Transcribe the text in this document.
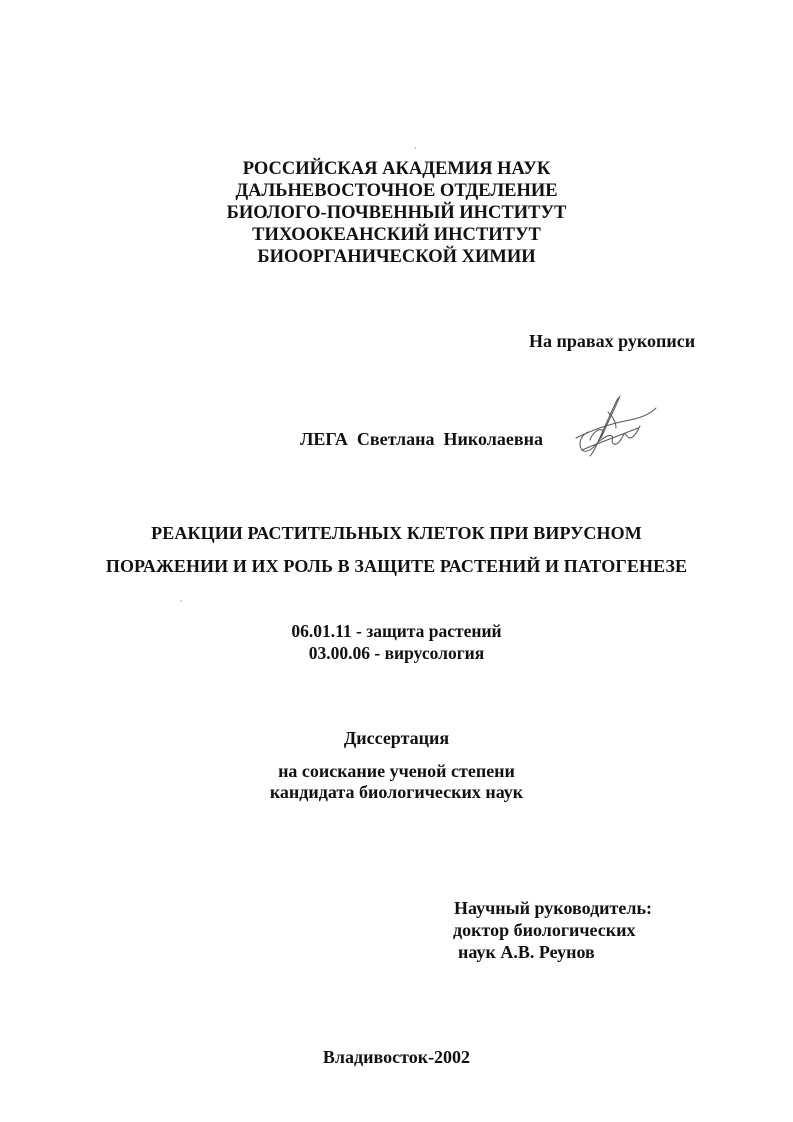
РОССИЙСКАЯ АКАДЕМИЯ НАУК
ДАЛЬНЕВОСТОЧНОЕ ОТДЕЛЕНИЕ
БИОЛОГО-ПОЧВЕННЫЙ ИНСТИТУТ
ТИХООКЕАНСКИЙ ИНСТИТУТ
БИООРГАНИЧЕСКОЙ ХИМИИ
На правах рукописи
ЛЕГА Светлана Николаевна
РЕАКЦИИ РАСТИТЕЛЬНЫХ КЛЕТОК ПРИ ВИРУСНОМ
ПОРАЖЕНИИ И ИХ РОЛЬ В ЗАЩИТЕ РАСТЕНИЙ И ПАТОГЕНЕЗЕ
06.01.11 - защита растений
03.00.06 - вирусология
Диссертация
на соискание ученой степени
кандидата биологических наук
Научный руководитель:
доктор биологических
наук А.В. Реунов
Владивосток-2002
